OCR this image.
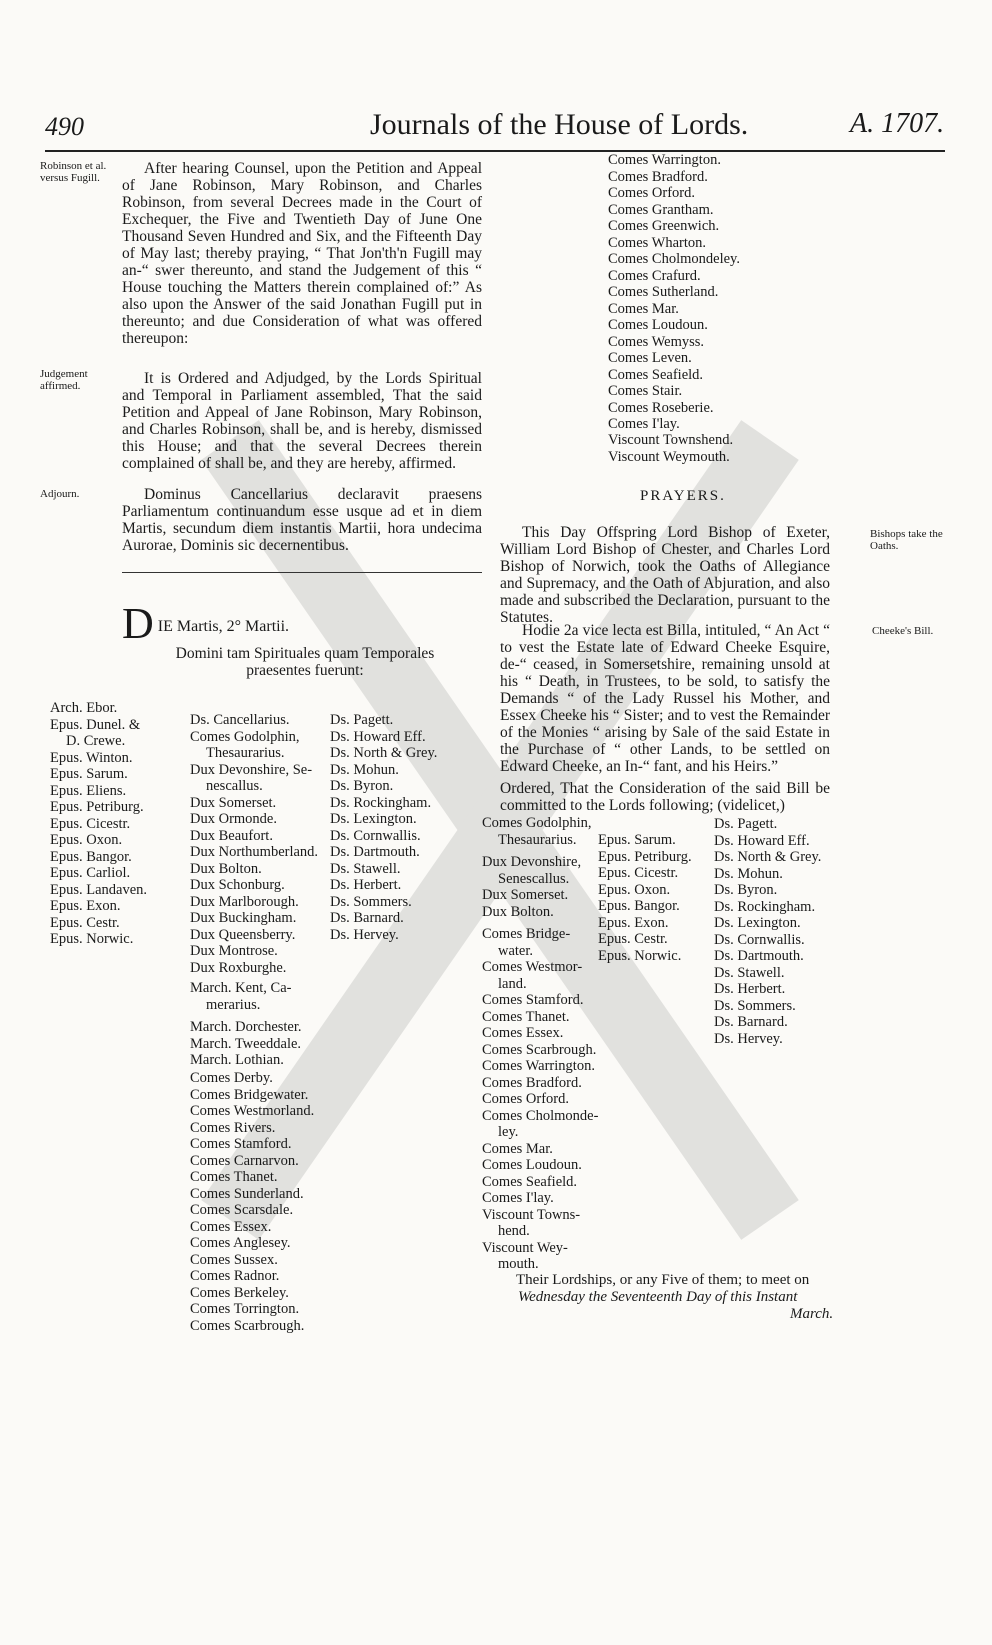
490	Journals of the House of Lords.	A. 1707.
Robinson et al. versus Fugill.
After hearing Counsel, upon the Petition and Appeal of Jane Robinson, Mary Robinson, and Charles Robinson, from several Decrees made in the Court of Exchequer, the Five and Twentieth Day of June One Thousand Seven Hundred and Six, and the Fifteenth Day of May last; thereby praying, “ That Jon'th'n Fugill may an-“ swer thereunto, and stand the Judgement of this “ House touching the Matters therein complained of:” As also upon the Answer of the said Jonathan Fugill put in thereunto; and due Consideration of what was offered thereupon:
Judgement affirmed.	It is Ordered and Adjudged, by the Lords Spiritual and Temporal in Parliament assembled, That the said Petition and Appeal of Jane Robinson, Mary Robinson, and Charles Robinson, shall be, and is hereby, dismissed this House; and that the several Decrees therein complained of shall be, and they are hereby, affirmed.
Adjourn.	Dominus Cancellarius declaravit praesens Parliamentum continuandum esse usque ad et in diem Martis, secundum diem instantis Martii, hora undecima Aurorae, Dominis sic decernentibus.
D IE Martis, 2° Martii.
Domini tam Spirituales quam Temporales praesentes fuerunt:
Arch. Ebor.
Epus. Dunel. &
D. Crewe.
Epus. Winton.
Epus. Sarum.
Epus. Eliens.
Epus. Petriburg.
Epus. Cicestr.
Epus. Oxon.
Epus. Bangor.
Epus. Carliol.
Epus. Landaven.
Epus. Exon.
Epus. Cestr.
Epus. Norwic.
Ds. Cancellarius.
Comes Godolphin,
Thesaurarius.
Dux Devonshire, Se-
nescallus.
Dux Somerset.
Dux Ormonde.
Dux Beaufort.
Dux Northumberland.
Dux Bolton.
Dux Schonburg.
Dux Marlborough.
Dux Buckingham.
Dux Queensberry.
Dux Montrose.
Dux Roxburghe.
March. Kent, Ca-
merarius.
March. Dorchester.
March. Tweeddale.
March. Lothian.
Comes Derby.
Comes Bridgewater.
Comes Westmorland.
Comes Rivers.
Comes Stamford.
Comes Carnarvon.
Comes Thanet.
Comes Sunderland.
Comes Scarsdale.
Comes Essex.
Comes Anglesey.
Comes Sussex.
Comes Radnor.
Comes Berkeley.
Comes Torrington.
Comes Scarbrough.
Ds. Pagett.
Ds. Howard Eff.
Ds. North & Grey.
Ds. Mohun.
Ds. Byron.
Ds. Rockingham.
Ds. Lexington.
Ds. Cornwallis.
Ds. Dartmouth.
Ds. Stawell.
Ds. Herbert.
Ds. Sommers.
Ds. Barnard.
Ds. Hervey.
Comes Warrington.
Comes Bradford.
Comes Orford.
Comes Grantham.
Comes Greenwich.
Comes Wharton.
Comes Cholmondeley.
Comes Crafurd.
Comes Sutherland.
Comes Mar.
Comes Loudoun.
Comes Wemyss.
Comes Leven.
Comes Seafield.
Comes Stair.
Comes Roseberie.
Comes I'lay.
Viscount Townshend.
Viscount Weymouth.
PRAYERS.
This Day Offspring Lord Bishop of Exeter, William Lord Bishop of Chester, and Charles Lord Bishop of Norwich, took the Oaths of Allegiance and Supremacy, and the Oath of Abjuration, and also made and subscribed the Declaration, pursuant to the Statutes.
Bishops take the Oaths.
Hodie 2a vice lecta est Billa, intituled, “ An Act “ to vest the Estate late of Edward Cheeke Esquire, de-“ ceased, in Somersetshire, remaining unsold at his “ Death, in Trustees, to be sold, to satisfy the Demands “ of the Lady Russel his Mother, and Essex Cheeke his “ Sister; and to vest the Remainder of the Monies “ arising by Sale of the said Estate in the Purchase of “ other Lands, to be settled on Edward Cheeke, an In-“ fant, and his Heirs.”
Cheeke's Bill.
Ordered, That the Consideration of the said Bill be committed to the Lords following; (videlicet,)
Comes Godolphin,
Thesaurarius.
Dux Devonshire,
Senescallus.
Dux Somerset.
Dux Bolton.
Comes Bridge-
water.
Comes Westmor-
land.
Comes Stamford.
Comes Thanet.
Comes Essex.
Comes Scarbrough.
Comes Warrington.
Comes Bradford.
Comes Orford.
Comes Cholmonde-
ley.
Comes Mar.
Comes Loudoun.
Comes Seafield.
Comes I'lay.
Viscount Towns-
hend.
Viscount Wey-
mouth.
Epus. Sarum.
Epus. Petriburg.
Epus. Cicestr.
Epus. Oxon.
Epus. Bangor.
Epus. Exon.
Epus. Cestr.
Epus. Norwic.
Ds. Pagett.
Ds. Howard Eff.
Ds. North & Grey.
Ds. Mohun.
Ds. Byron.
Ds. Rockingham.
Ds. Lexington.
Ds. Cornwallis.
Ds. Dartmouth.
Ds. Stawell.
Ds. Herbert.
Ds. Sommers.
Ds. Barnard.
Ds. Hervey.
Their Lordships, or any Five of them; to meet on
Wednesday the Seventeenth Day of this Instant
March.
